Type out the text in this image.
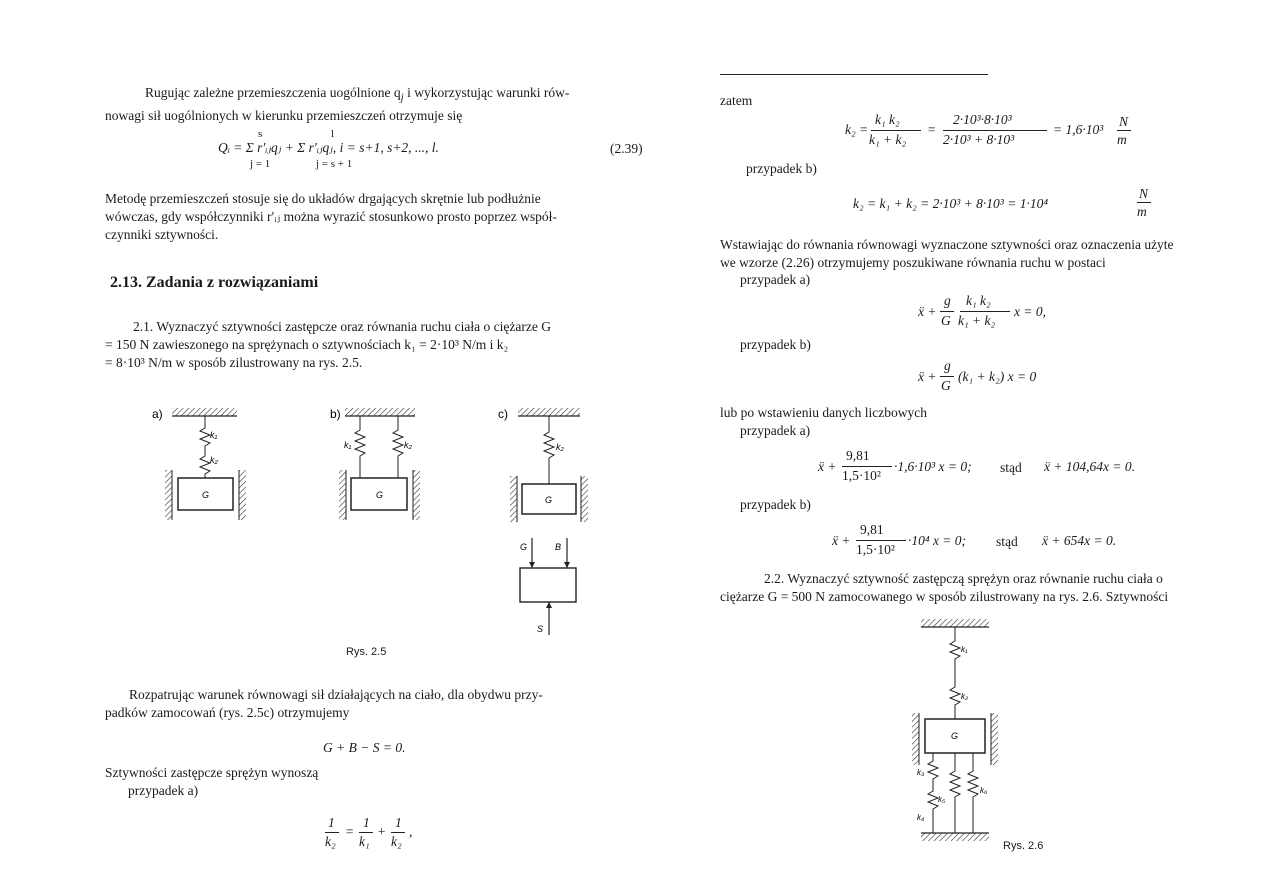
Rugując zależne przemieszczenia uogólnione $q_j$ i wykorzystując warunki rów-
nowagi sił uogólnionych w kierunku przemieszczeń otrzymuje się
Qᵢ = Σ r′ᵢⱼqⱼ + Σ r′ᵢⱼqⱼ, i = s+1, s+2, ..., l.
s
j = 1
l
j = s + 1
(2.39)
Metodę przemieszczeń stosuje się do układów drgających skrętnie lub podłużnie
wówczas, gdy współczynniki r′ᵢⱼ można wyrazić stosunkowo prosto poprzez współ-
czynniki sztywności.
2.13. Zadania z rozwiązaniami
2.1. Wyznaczyć sztywności zastępcze oraz równania ruchu ciała o ciężarze G
= 150 N zawieszonego na sprężynach o sztywnościach k₁ = 2·10³ N/m i k₂
= 8·10³ N/m w sposób zilustrowany na rys. 2.5.
a)
k₁
k₂
G
b)
k₁	k₂
G
c)
k₂
G
G	B
S
Rys. 2.5
Rozpatrując warunek równowagi sił działających na ciało, dla obydwu przy-
padków zamocowań (rys. 2.5c) otrzymujemy
G + B − S = 0.
Sztywności zastępcze sprężyn wynoszą
przypadek a)
1
k₂
=
1
k₁
+
1
k₂
,
zatem
k₂ =
k₁ k₂
k₁ + k₂
=
2·10³·8·10³
2·10³ + 8·10³
= 1,6·10³
N
m
przypadek b)
k₂ = k₁ + k₂ = 2·10³ + 8·10³ = 1·10⁴
N
m
Wstawiając do równania równowagi wyznaczone sztywności oraz oznaczenia użyte
we wzorze (2.26) otrzymujemy poszukiwane równania ruchu w postaci
przypadek a)
ẍ +
g
G
k₁ k₂
k₁ + k₂
x = 0,
przypadek b)
ẍ +
g
G
(k₁ + k₂) x = 0
lub po wstawieniu danych liczbowych
przypadek a)
ẍ +
9,81
1,5·10²
·1,6·10³ x = 0; stąd ẍ + 104,64x = 0.
przypadek b)
ẍ +
9,81
1,5·10²
·10⁴ x = 0; stąd ẍ + 654x = 0.
2.2. Wyznaczyć sztywność zastępczą sprężyn oraz równanie ruchu ciała o
ciężarze G = 500 N zamocowanego w sposób zilustrowany na rys. 2.6. Sztywności
k₁
k₂
G
k₃
k₄
k₅
k₆
Rys. 2.6
